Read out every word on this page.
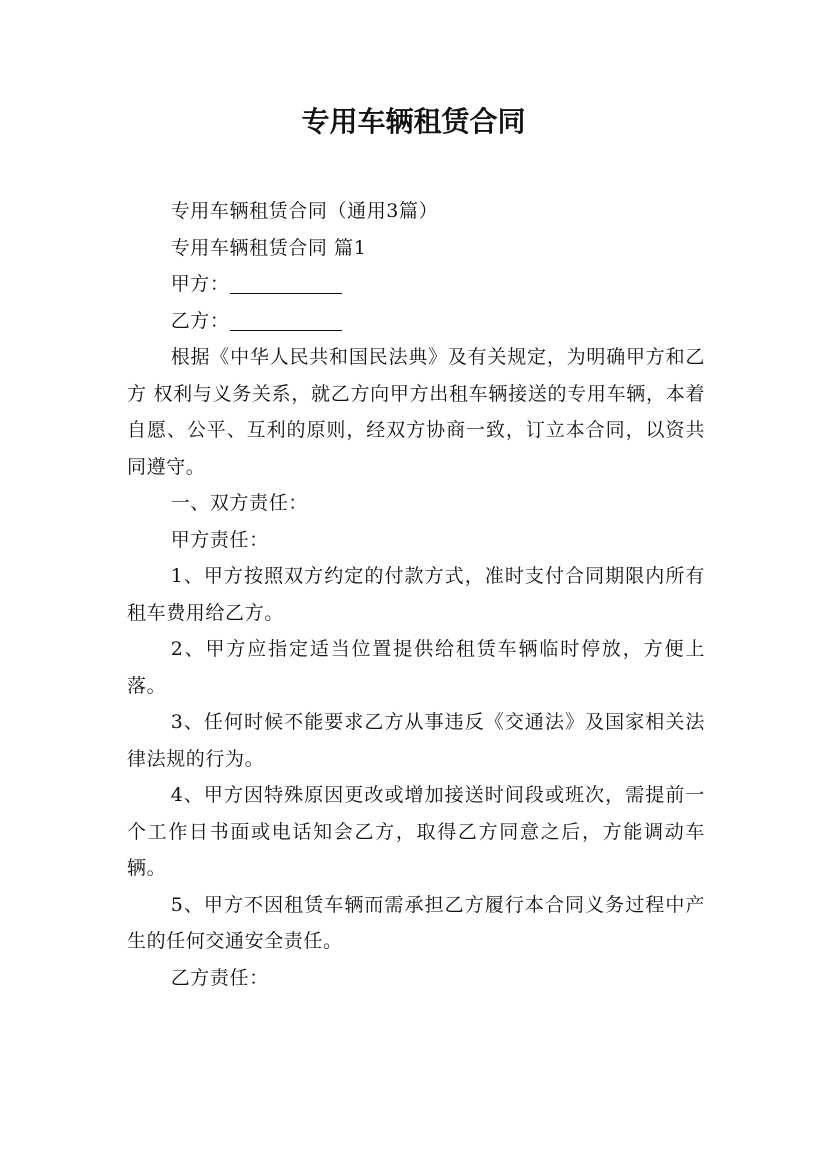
专用车辆租赁合同

专用车辆租赁合同（通用3篇）

专用车辆租赁合同 篇1

甲方：

乙方：

根据《中华人民共和国民法典》及有关规定，为明确甲方和乙方 权利与义务关系，就乙方向甲方出租车辆接送的专用车辆，本着自愿、公平、互利的原则，经双方协商一致，订立本合同，以资共同遵守。

一、双方责任：

甲方责任：

1、甲方按照双方约定的付款方式，准时支付合同期限内所有租车费用给乙方。

2、甲方应指定适当位置提供给租赁车辆临时停放，方便上落。

3、任何时候不能要求乙方从事违反《交通法》及国家相关法律法规的行为。

4、甲方因特殊原因更改或增加接送时间段或班次，需提前一个工作日书面或电话知会乙方，取得乙方同意之后，方能调动车辆。

5、甲方不因租赁车辆而需承担乙方履行本合同义务过程中产生的任何交通安全责任。

乙方责任：
